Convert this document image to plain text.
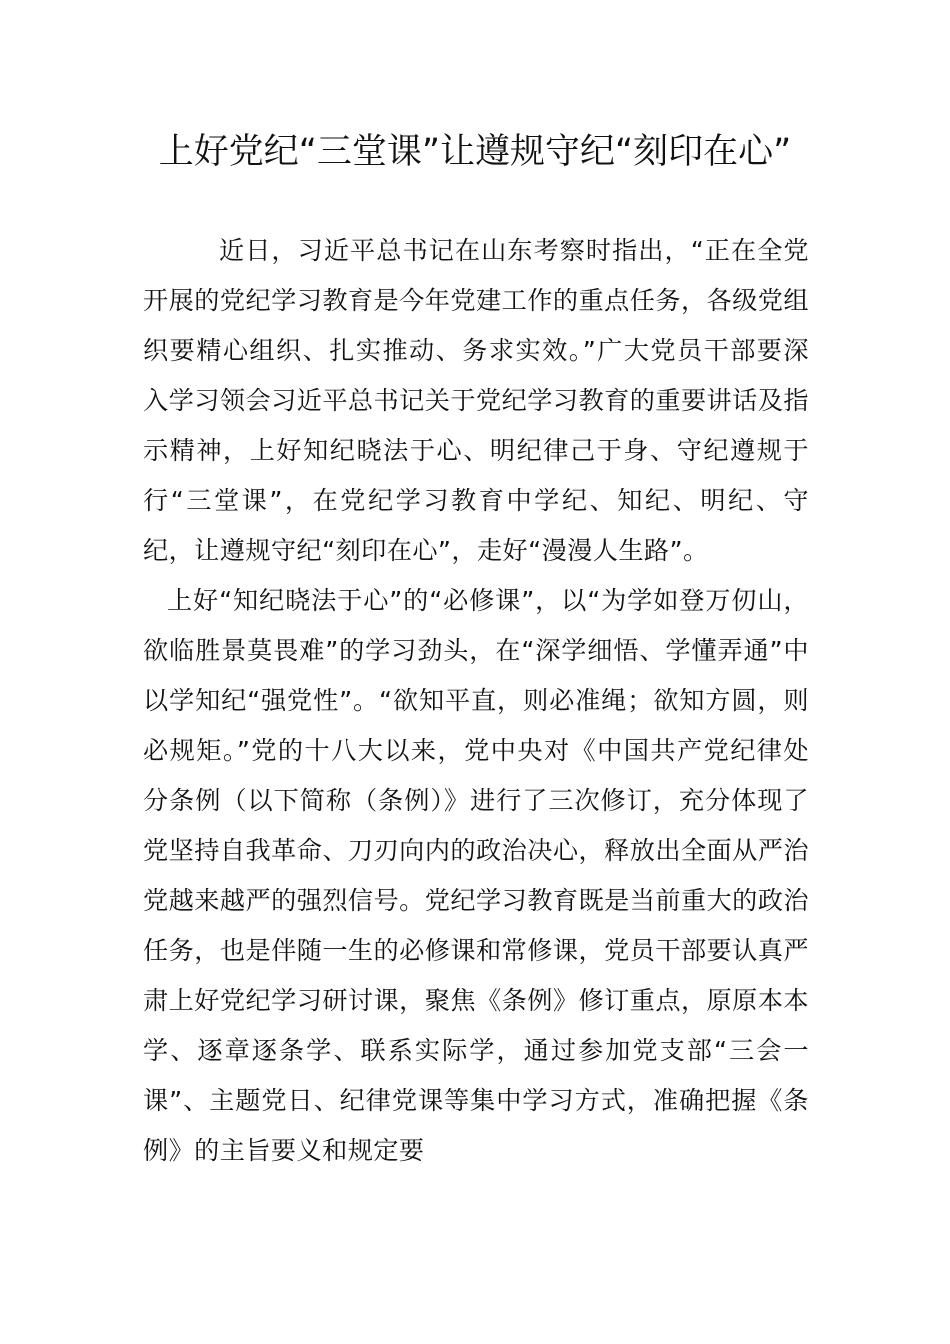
上好党纪“三堂课”让遵规守纪“刻印在心”

近日，习近平总书记在山东考察时指出，“正在全党开展的党纪学习教育是今年党建工作的重点任务，各级党组织要精心组织、扎实推动、务求实效。”广大党员干部要深入学习领会习近平总书记关于党纪学习教育的重要讲话及指示精神，上好知纪晓法于心、明纪律己于身、守纪遵规于行“三堂课”，在党纪学习教育中学纪、知纪、明纪、守纪，让遵规守纪“刻印在心”，走好“漫漫人生路”。

上好“知纪晓法于心”的“必修课”，以“为学如登万仞山，欲临胜景莫畏难”的学习劲头，在“深学细悟、学懂弄通”中以学知纪“强党性”。“欲知平直，则必准绳；欲知方圆，则必规矩。”党的十八大以来，党中央对《中国共产党纪律处分条例（以下简称（条例）》进行了三次修订，充分体现了党坚持自我革命、刀刃向内的政治决心，释放出全面从严治党越来越严的强烈信号。党纪学习教育既是当前重大的政治任务，也是伴随一生的必修课和常修课，党员干部要认真严肃上好党纪学习研讨课，聚焦《条例》修订重点，原原本本学、逐章逐条学、联系实际学，通过参加党支部“三会一课”、主题党日、纪律党课等集中学习方式，准确把握《条例》的主旨要义和规定要
